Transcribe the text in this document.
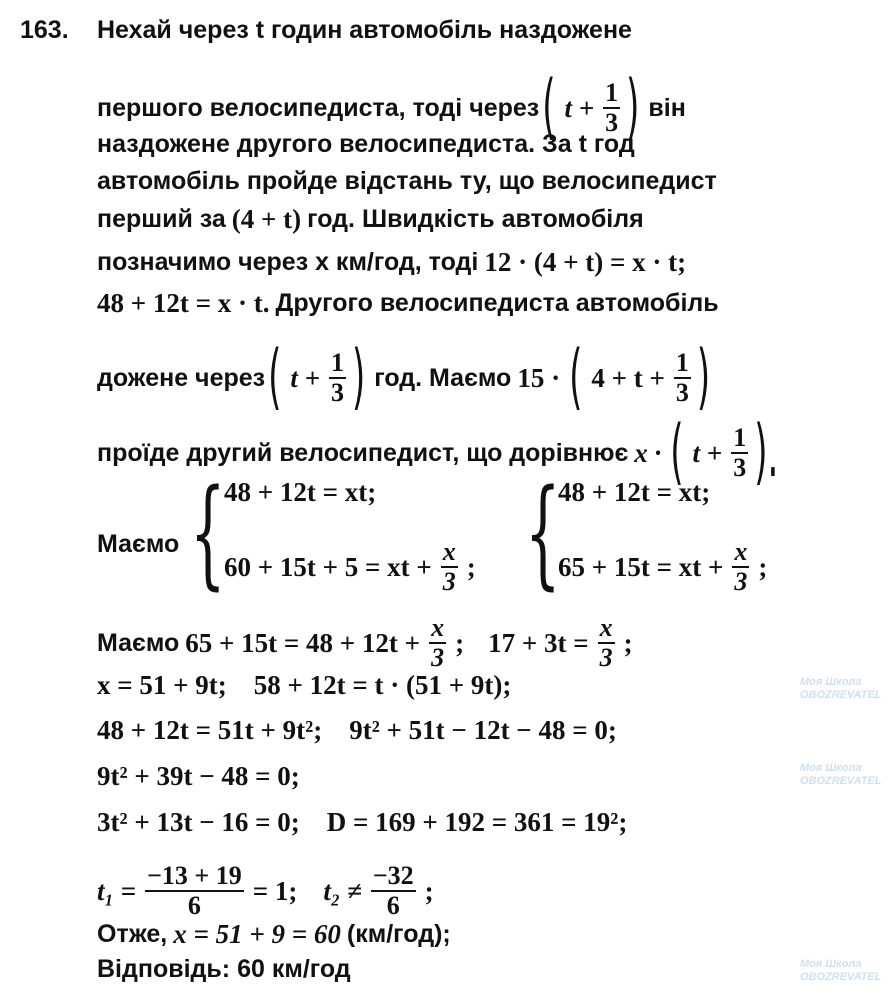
163. Нехай через t годин автомобіль наздожене
першого велосипедиста, тоді через ( $t + \frac{1}{3}$ ) він
наздожене другого велосипедиста. За t год
автомобіль пройде відстань ту, що велосипедист
перший за (4 + t) год. Швидкість автомобіля
позначимо через x км/год, тоді 12 · (4 + t) = x · t;
48 + 12t = x · t. Другого велосипедиста автомобіль
дожене через ( $t + \frac{1}{3}$ ) год. Маємо 15 · ( $4 + t + \frac{1}{3}$ )
проїде другий велосипедист, що дорівнює x · ( $t + \frac{1}{3}$ ).
Маємо {
48 + 12t = xt;
60 + 15t + 5 = xt + $\frac{x}{3}$ ; {
48 + 12t = xt;
65 + 15t = xt + $\frac{x}{3}$ ;
Маємо $65 + 15t = 48 + 12t + \frac{x}{3}$ ; $17 + 3t = \frac{x}{3}$ ;
x = 51 + 9t;    58 + 12t = t · (51 + 9t);
48 + 12t = 51t + 9t²;    9t² + 51t − 12t − 48 = 0;
9t² + 39t − 48 = 0;
3t² + 13t − 16 = 0;    D = 169 + 192 = 361 = 19²;
$t_1 = \frac{-13 + 19}{6} = 1$; $t_2 \ne \frac{-32}{6}$ ;
Отже, x = 51 + 9 = 60 (км/год);
Відповідь: 60 км/год
Моя Школа
OBOZREVATEL
Моя Школа
OBOZREVATEL
Моя Школа
OBOZREVATEL
